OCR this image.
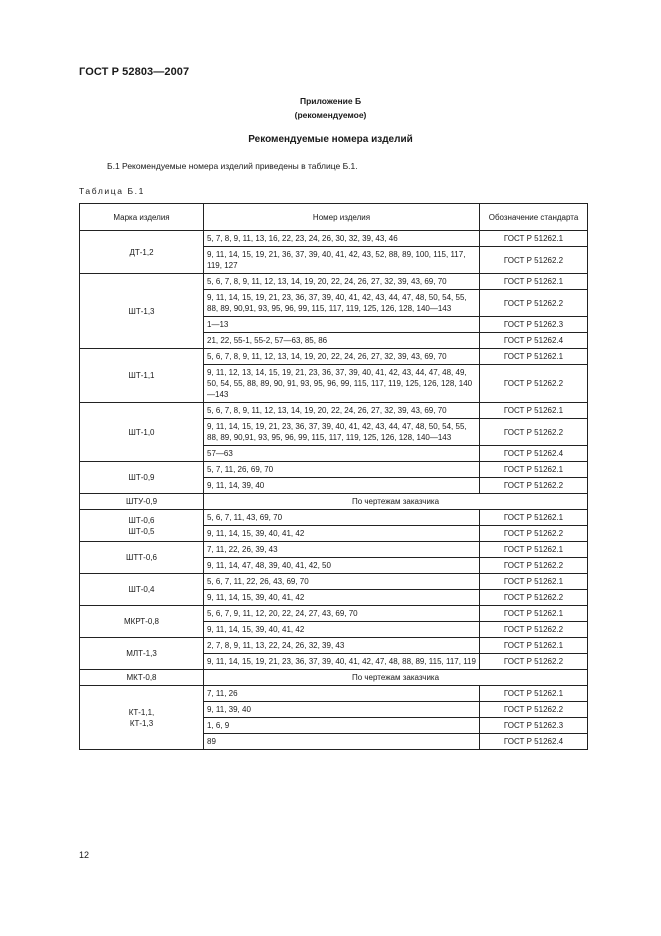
ГОСТ Р 52803—2007
Приложение Б
(рекомендуемое)
Рекомендуемые номера изделий
Б.1 Рекомендуемые номера изделий приведены в таблице Б.1.
Таблица Б.1
Марка изделия	Номер изделия	Обозначение стандарта

ДТ-1,2	5, 7, 8, 9, 11, 13, 16, 22, 23, 24, 26, 30, 32, 39, 43, 46	ГОСТ Р 51262.1
	9, 11, 14, 15, 19, 21, 36, 37, 39, 40, 41, 42, 43, 52, 88, 89, 100, 115, 117, 119, 127	ГОСТ Р 51262.2

ШТ-1,3	5, 6, 7, 8, 9, 11, 12, 13, 14, 19, 20, 22, 24, 26, 27, 32, 39, 43, 69, 70	ГОСТ Р 51262.1
	9, 11, 14, 15, 19, 21, 23, 36, 37, 39, 40, 41, 42, 43, 44, 47, 48, 50, 54, 55, 88, 89, 90,91, 93, 95, 96, 99, 115, 117, 119, 125, 126, 128, 140—143	ГОСТ Р 51262.2
	1—13	ГОСТ Р 51262.3
	21, 22, 55-1, 55-2, 57—63, 85, 86	ГОСТ Р 51262.4

ШТ-1,1	5, 6, 7, 8, 9, 11, 12, 13, 14, 19, 20, 22, 24, 26, 27, 32, 39, 43, 69, 70	ГОСТ Р 51262.1
	9, 11, 12, 13, 14, 15, 19, 21, 23, 36, 37, 39, 40, 41, 42, 43, 44, 47, 48, 49, 50, 54, 55, 88, 89, 90, 91, 93, 95, 96, 99, 115, 117, 119, 125, 126, 128, 140—143	ГОСТ Р 51262.2

ШТ-1,0	5, 6, 7, 8, 9, 11, 12, 13, 14, 19, 20, 22, 24, 26, 27, 32, 39, 43, 69, 70	ГОСТ Р 51262.1
	9, 11, 14, 15, 19, 21, 23, 36, 37, 39, 40, 41, 42, 43, 44, 47, 48, 50, 54, 55, 88, 89, 90,91, 93, 95, 96, 99, 115, 117, 119, 125, 126, 128, 140—143	ГОСТ Р 51262.2
	57—63	ГОСТ Р 51262.4

ШТ-0,9	5, 7, 11, 26, 69, 70	ГОСТ Р 51262.1
	9, 11, 14, 39, 40	ГОСТ Р 51262.2
ШТУ-0,9	По чертежам заказчика	

ШТ-0,6
ШТ-0,5	5, 6, 7, 11, 43, 69, 70	ГОСТ Р 51262.1
	9, 11, 14, 15, 39, 40, 41, 42	ГОСТ Р 51262.2

ШТТ-0,6	7, 11, 22, 26, 39, 43	ГОСТ Р 51262.1
	9, 11, 14, 47, 48, 39, 40, 41, 42, 50	ГОСТ Р 51262.2

ШТ-0,4	5, 6, 7, 11, 22, 26, 43, 69, 70	ГОСТ Р 51262.1
	9, 11, 14, 15, 39, 40, 41, 42	ГОСТ Р 51262.2

МКРТ-0,8	5, 6, 7, 9, 11, 12, 20, 22, 24, 27, 43, 69, 70	ГОСТ Р 51262.1
	9, 11, 14, 15, 39, 40, 41, 42	ГОСТ Р 51262.2

МЛТ-1,3	2, 7, 8, 9, 11, 13, 22, 24, 26, 32, 39, 43	ГОСТ Р 51262.1
	9, 11, 14, 15, 19, 21, 23, 36, 37, 39, 40, 41, 42, 47, 48, 88, 89, 115, 117, 119	ГОСТ Р 51262.2
МКТ-0,8	По чертежам заказчика	

КТ-1,1,
КТ-1,3	7, 11, 26	ГОСТ Р 51262.1
	9, 11, 39, 40	ГОСТ Р 51262.2
	1, 6, 9	ГОСТ Р 51262.3
	89	ГОСТ Р 51262.4
12
